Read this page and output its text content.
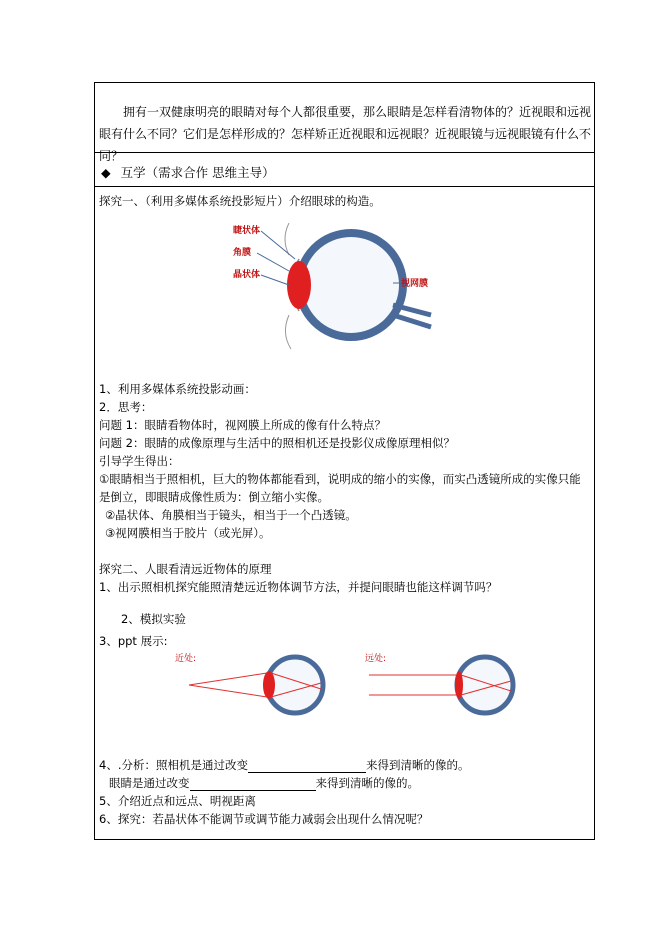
拥有一双健康明亮的眼睛对每个人都很重要，那么眼睛是怎样看清物体的？近视眼和远视眼有什么不同？它们是怎样形成的？怎样矫正近视眼和远视眼？近视眼镜与远视眼镜有什么不同？
◆ 互学（需求合作 思维主导）
探究一、（利用多媒体系统投影短片）介绍眼球的构造。
睫状体
角膜
晶状体
视网膜
1、利用多媒体系统投影动画：
2．思考：
问题 1：眼睛看物体时，视网膜上所成的像有什么特点？
问题 2：眼睛的成像原理与生活中的照相机还是投影仪成像原理相似？
引导学生得出：
①眼睛相当于照相机，巨大的物体都能看到，说明成的缩小的实像，而实凸透镜所成的实像只能
是倒立，即眼睛成像性质为：倒立缩小实像。
②晶状体、角膜相当于镜头，相当于一个凸透镜。
③视网膜相当于胶片（或光屏）。
探究二、人眼看清远近物体的原理
1、出示照相机探究能照清楚远近物体调节方法，并提问眼睛也能这样调节吗？
2、模拟实验
3、ppt 展示:
近处:	远处:
4、.分析：照相机是通过改变	来得到清晰的像的。
眼睛是通过改变	来得到清晰的像的。
5、介绍近点和远点、明视距离
6、探究：若晶状体不能调节或调节能力减弱会出现什么情况呢？
